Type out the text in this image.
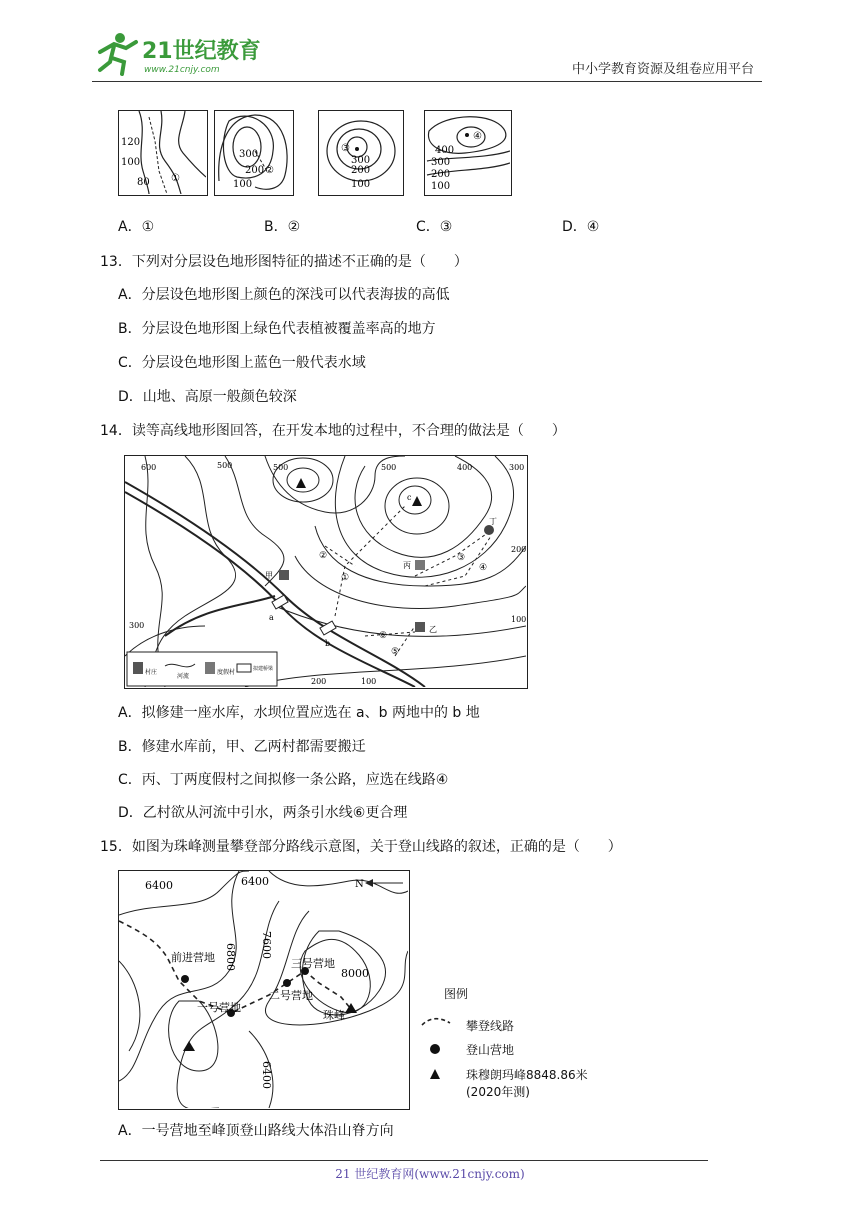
21世纪教育
www.21cnjy.com	中小学教育资源及组卷应用平台
120
100
80 ①
300
200
100
②
③
300
200
100
④
400
300
200
100
A．①	B．②	C．③	D．④
13．下列对分层设色地形图特征的描述不正确的是（　　）
A．分层设色地形图上颜色的深浅可以代表海拔的高低
B．分层设色地形图上绿色代表植被覆盖率高的地方
C．分层设色地形图上蓝色一般代表水域
D．山地、高原一般颜色较深
14．读等高线地形图回答，在开发本地的过程中，不合理的做法是（　　）
600	500	500	500	400	300
200
100
300
200	100
甲
乙
丙
丁
a
b
c
①
②	③
④
⑤
⑥
村庄
河流
度假村	拟建桥梁
A．拟修建一座水库，水坝位置应选在 a、b 两地中的 b 地
B．修建水库前，甲、乙两村都需要搬迁
C．丙、丁两度假村之间拟修一条公路，应选在线路④
D．乙村欲从河流中引水，两条引水线⑥更合理
15．如图为珠峰测量攀登部分路线示意图，关于登山线路的叙述，正确的是（　　）
6400	6400
6800 7600
8000
6400
N
前进营地
一号营地
二号营地
三号营地
珠峰
图例
攀登线路
登山营地
珠穆朗玛峰8848.86米
(2020年测)
A．一号营地至峰顶登山路线大体沿山脊方向
21 世纪教育网(www.21cnjy.com)
